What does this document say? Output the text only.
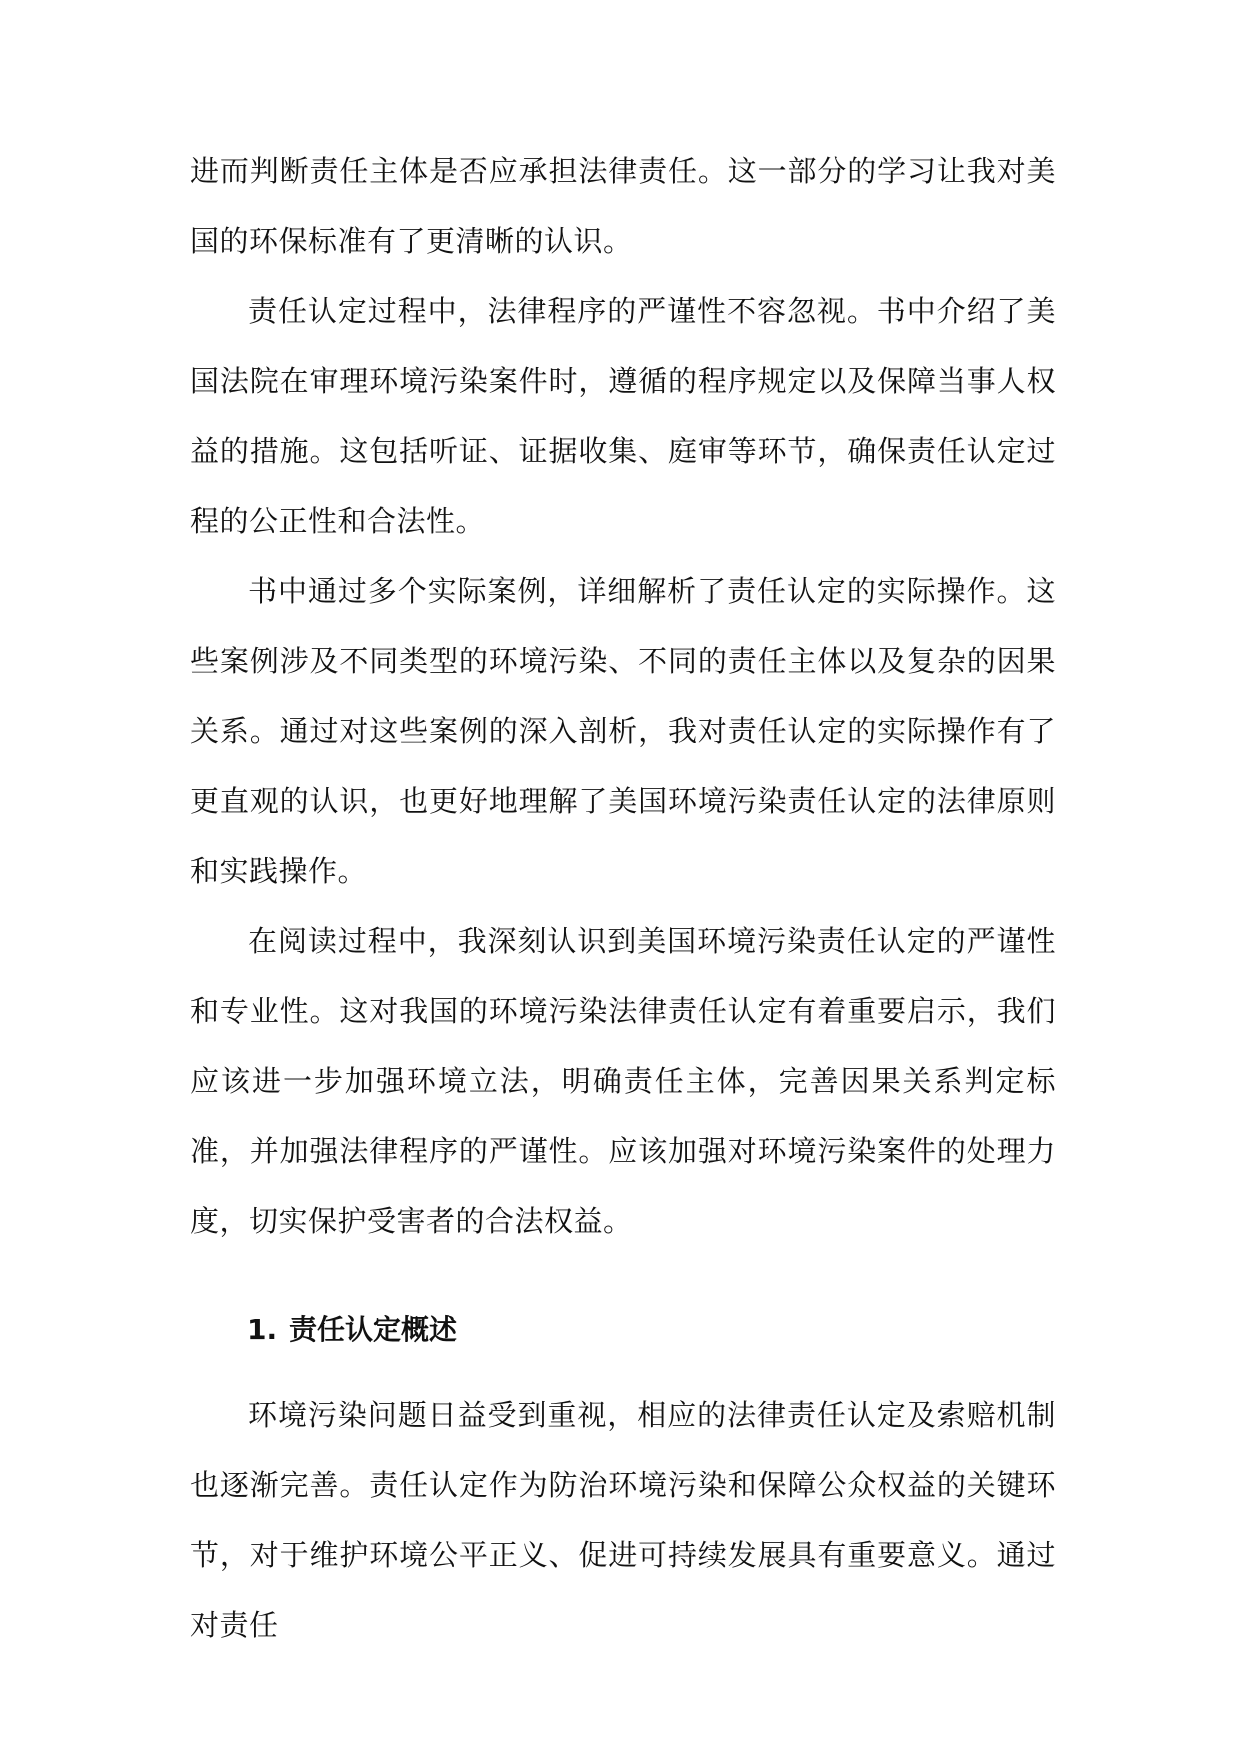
进而判断责任主体是否应承担法律责任。这一部分的学习让我对美国的环保标准有了更清晰的认识。

责任认定过程中，法律程序的严谨性不容忽视。书中介绍了美国法院在审理环境污染案件时，遵循的程序规定以及保障当事人权益的措施。这包括听证、证据收集、庭审等环节，确保责任认定过程的公正性和合法性。

书中通过多个实际案例，详细解析了责任认定的实际操作。这些案例涉及不同类型的环境污染、不同的责任主体以及复杂的因果关系。通过对这些案例的深入剖析，我对责任认定的实际操作有了更直观的认识，也更好地理解了美国环境污染责任认定的法律原则和实践操作。

在阅读过程中，我深刻认识到美国环境污染责任认定的严谨性和专业性。这对我国的环境污染法律责任认定有着重要启示，我们应该进一步加强环境立法，明确责任主体，完善因果关系判定标准，并加强法律程序的严谨性。应该加强对环境污染案件的处理力度，切实保护受害者的合法权益。

1. 责任认定概述

环境污染问题日益受到重视，相应的法律责任认定及索赔机制也逐渐完善。责任认定作为防治环境污染和保障公众权益的关键环节，对于维护环境公平正义、促进可持续发展具有重要意义。通过对责任
